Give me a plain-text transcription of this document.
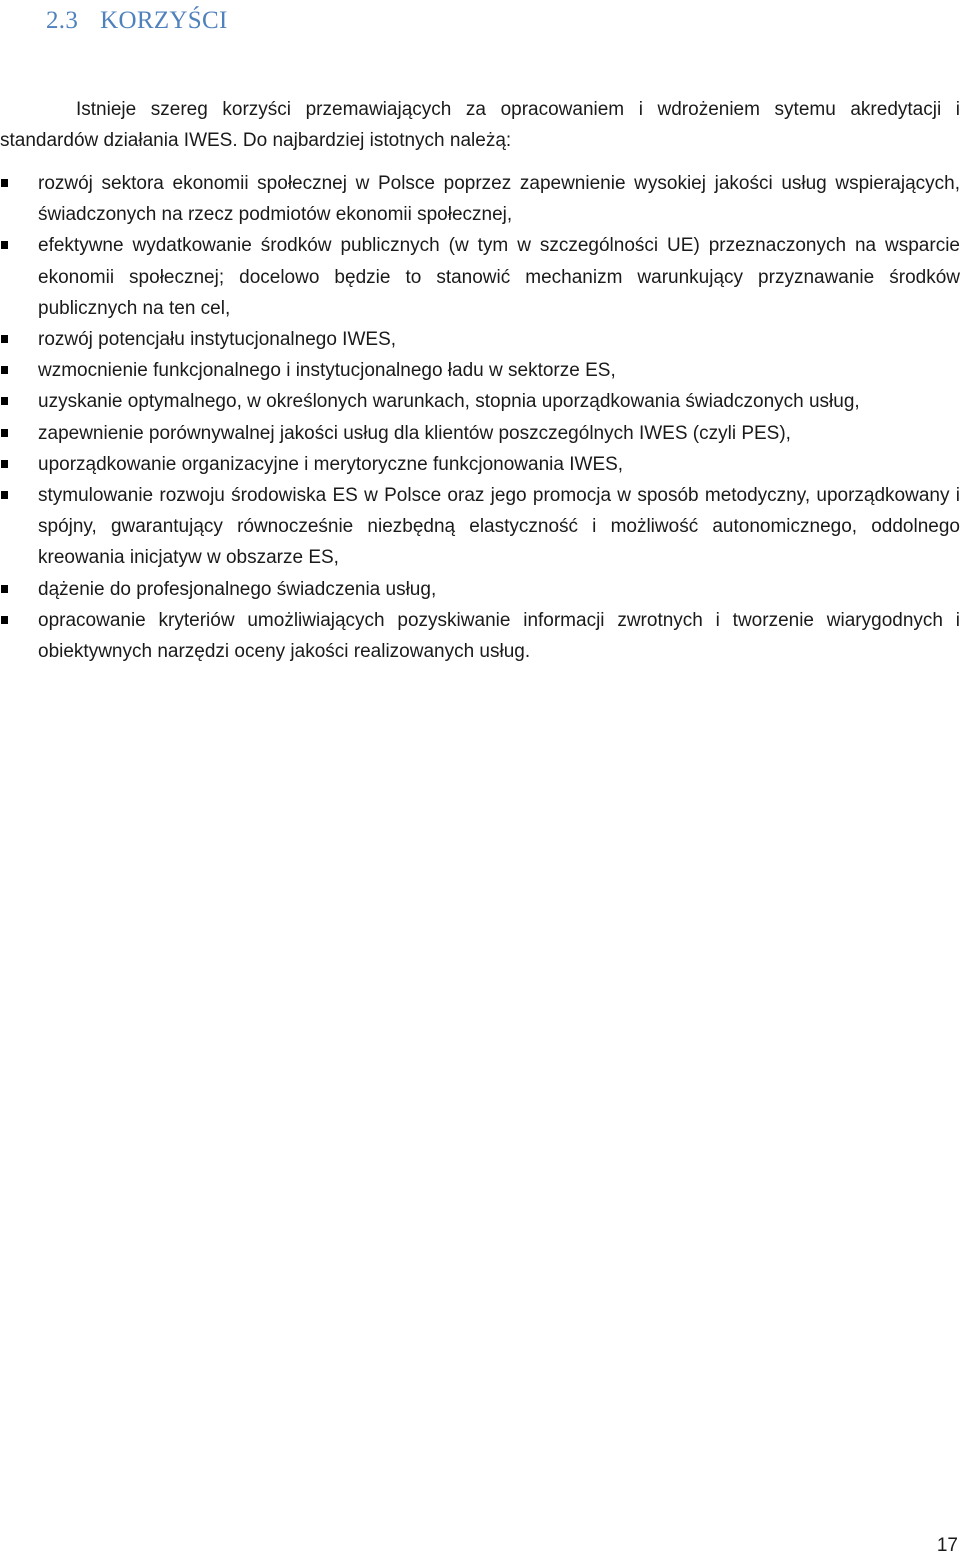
2.3 KORZYŚCI

Istnieje szereg korzyści przemawiających za opracowaniem i wdrożeniem sytemu akredytacji i standardów działania IWES. Do najbardziej istotnych należą:

rozwój sektora ekonomii społecznej w Polsce poprzez zapewnienie wysokiej jakości usług wspierających, świadczonych na rzecz podmiotów ekonomii społecznej,
efektywne wydatkowanie środków publicznych (w tym w szczególności UE) przeznaczonych na wsparcie ekonomii społecznej; docelowo będzie to stanowić mechanizm warunkujący przyznawanie środków publicznych na ten cel,
rozwój potencjału instytucjonalnego IWES,
wzmocnienie funkcjonalnego i instytucjonalnego ładu w sektorze ES,
uzyskanie optymalnego, w określonych warunkach, stopnia uporządkowania świadczonych usług,
zapewnienie porównywalnej jakości usług dla klientów poszczególnych IWES (czyli PES),
uporządkowanie organizacyjne i merytoryczne funkcjonowania IWES,
stymulowanie rozwoju środowiska ES w Polsce oraz jego promocja w sposób metodyczny, uporządkowany i spójny, gwarantujący równocześnie niezbędną elastyczność i możliwość autonomicznego, oddolnego kreowania inicjatyw w obszarze ES,
dążenie do profesjonalnego świadczenia usług,
opracowanie kryteriów umożliwiających pozyskiwanie informacji zwrotnych i tworzenie wiarygodnych i obiektywnych narzędzi oceny jakości realizowanych usług.
17
